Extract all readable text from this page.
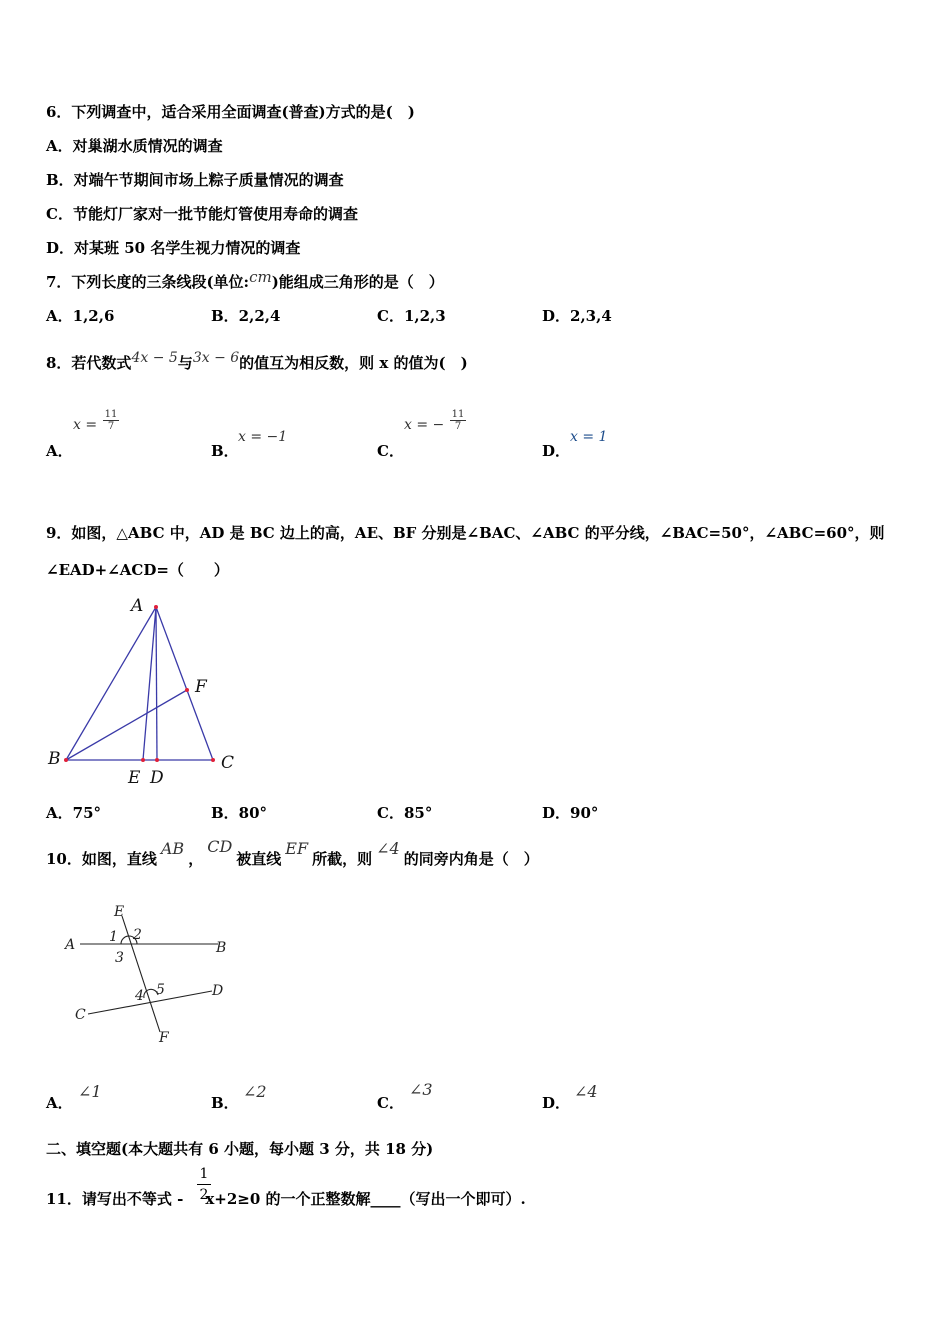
6．下列调查中，适合采用全面调查(普查)方式的是(　)
A．对巢湖水质情况的调查
B．对端午节期间市场上粽子质量情况的调查
C．节能灯厂家对一批节能灯管使用寿命的调查
D．对某班 50 名学生视力情况的调查
7．下列长度的三条线段(单位:cm)能组成三角形的是（　）
A．1,2,6	B．2,2,4	C．1,2,3	D．2,3,4
8．若代数式4x − 5与3x − 6的值互为相反数，则 x 的值为(　)
A．
$x = \frac{11}{7}$
B．
x = −1
C．
x = − $\frac{11}{7}$
D．
x = 1
9．如图，△ABC 中，AD 是 BC 边上的高，AE、BF 分别是∠BAC、∠ABC 的平分线，∠BAC=50°，∠ABC=60°，则
∠EAD+∠ACD=（　　）
A
F
B
E D
C
A．75°	B．80°	C．85°	D．90°
10．如图，直线AB，CD被直线EF所截，则∠4的同旁内角是（　）
E
A 1 2
B
3
4 5	D
C
F
A．
∠1
B．
∠2
C．
∠3
D．
∠4
二、填空题(本大题共有 6 小题，每小题 3 分，共 18 分)
11．请写出不等式 - x+2≥0 的一个正整数解____（写出一个即可）.
$\frac{1}{2}$
